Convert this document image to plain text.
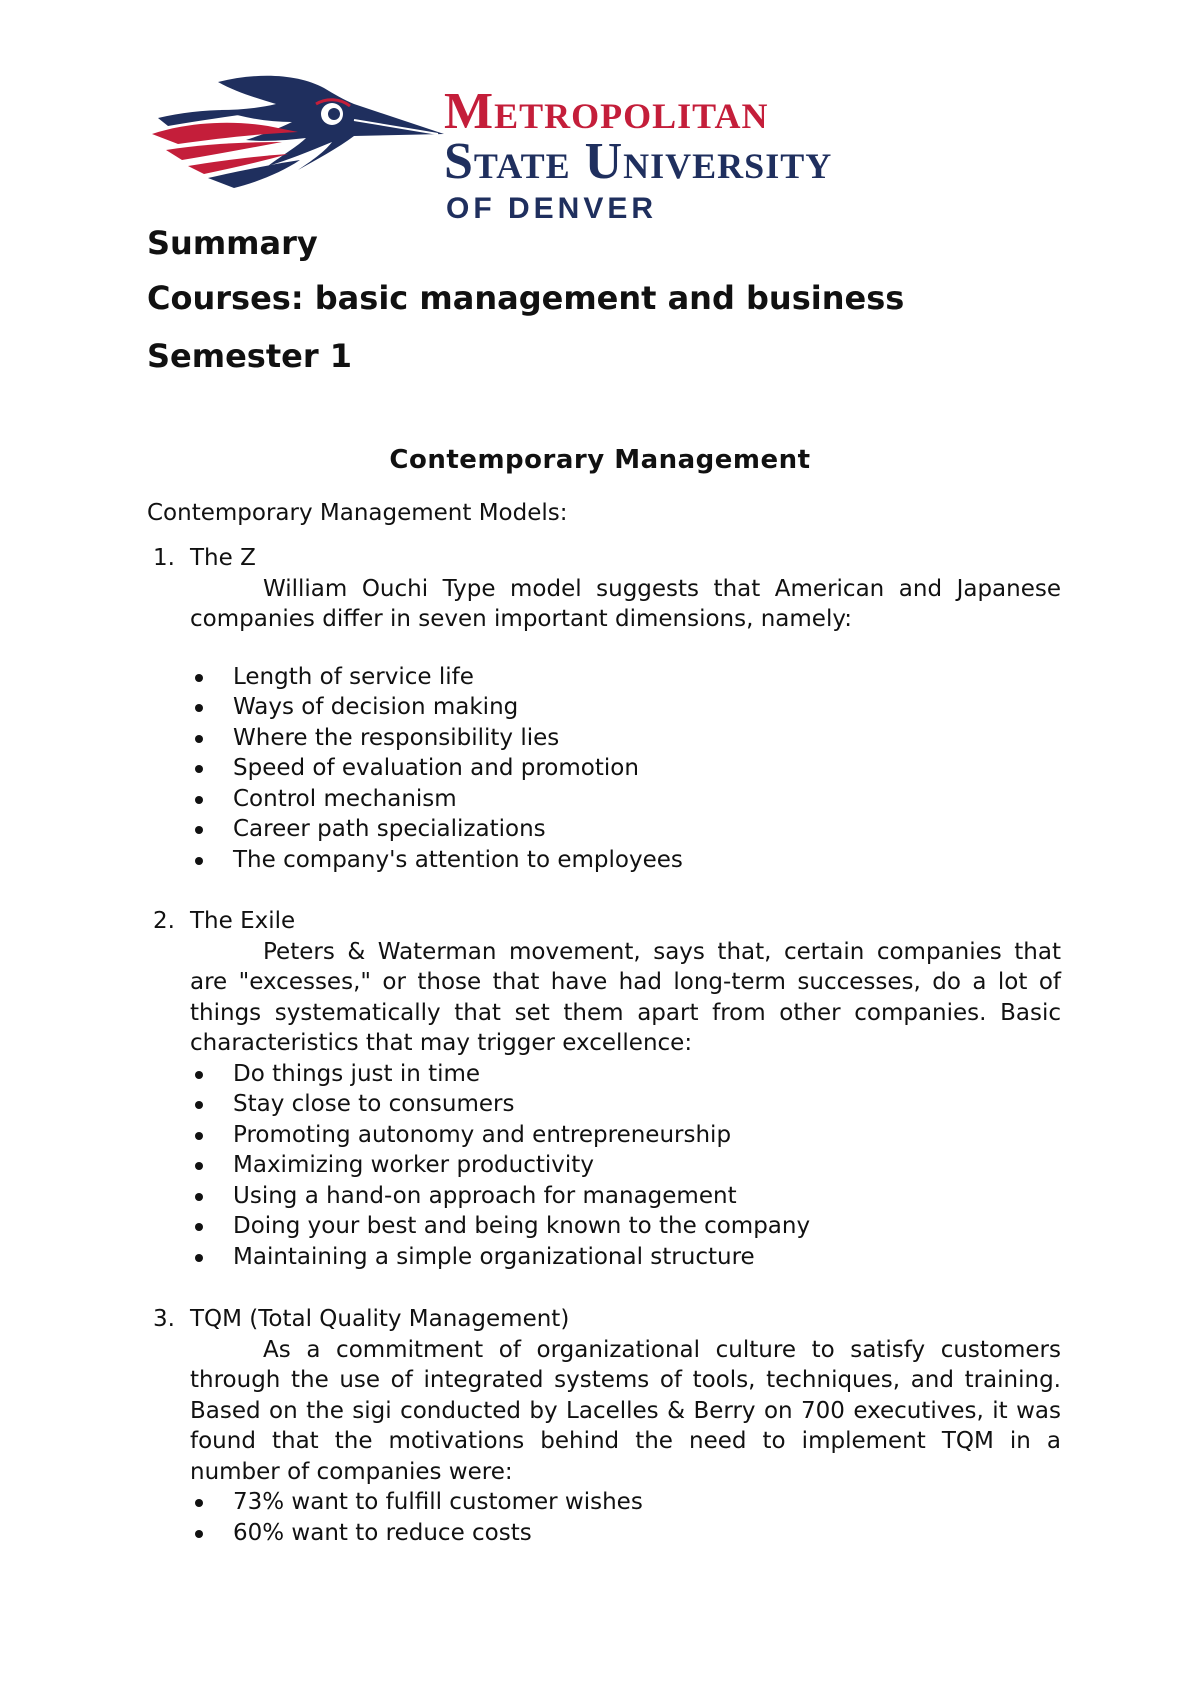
Metropolitan
State University
OF DENVER
Summary
Courses: basic management and business
Semester 1
Contemporary Management
Contemporary Management Models:
1. The Z
William Ouchi Type model suggests that American and Japanese companies differ in seven important dimensions, namely:
Length of service life
Ways of decision making
Where the responsibility lies
Speed of evaluation and promotion
Control mechanism
Career path specializations
The company's attention to employees
2. The Exile
Peters & Waterman movement, says that, certain companies that are "excesses," or those that have had long-term successes, do a lot of things systematically that set them apart from other companies. Basic characteristics that may trigger excellence:
Do things just in time
Stay close to consumers
Promoting autonomy and entrepreneurship
Maximizing worker productivity
Using a hand-on approach for management
Doing your best and being known to the company
Maintaining a simple organizational structure
3. TQM (Total Quality Management)
As a commitment of organizational culture to satisfy customers through the use of integrated systems of tools, techniques, and training. Based on the sigi conducted by Lacelles & Berry on 700 executives, it was found that the motivations behind the need to implement TQM in a number of companies were:
73% want to fulfill customer wishes
60% want to reduce costs
